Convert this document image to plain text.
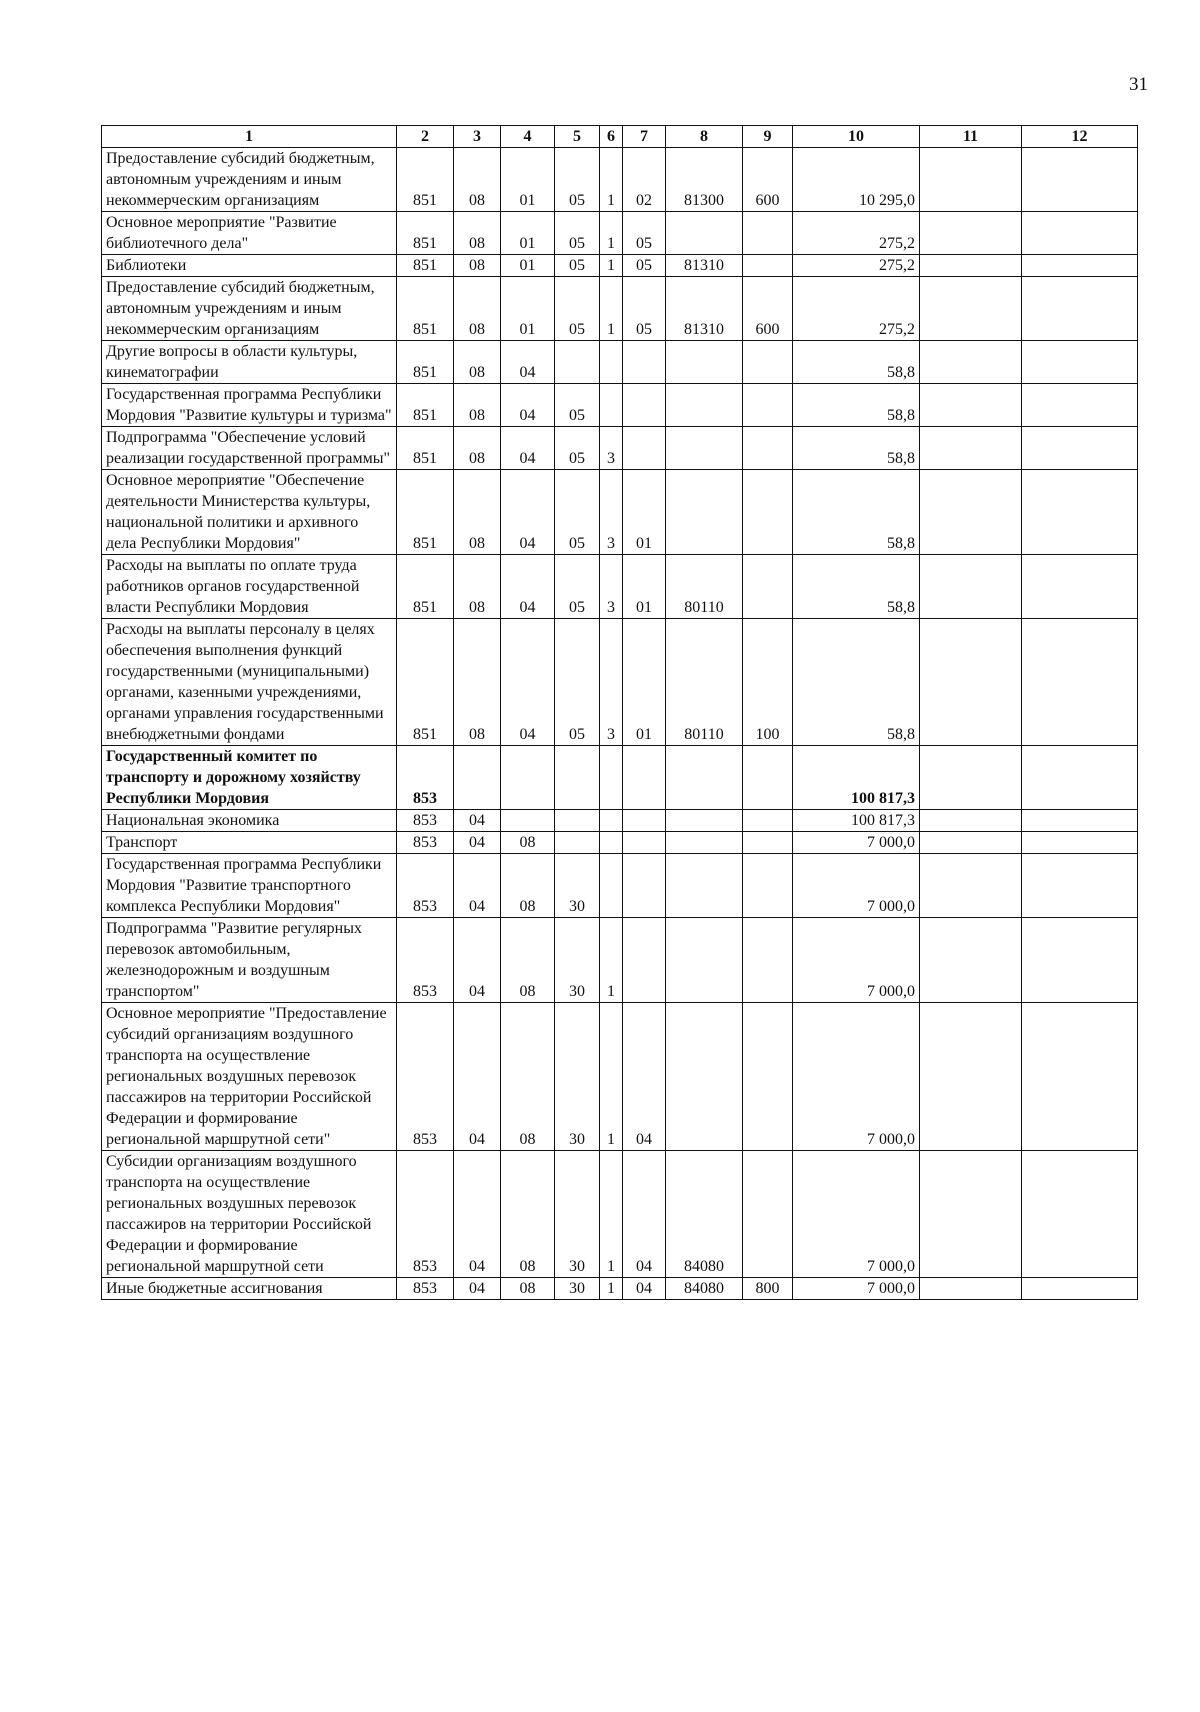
31
1	2	3	4	5	6	7	8	9	10	11	12
Предоставление субсидий бюджетным, автономным учреждениям и иным некоммерческим организациям	851	08	01	05	1	02	81300	600	10 295,0		
Основное мероприятие "Развитие библиотечного дела"	851	08	01	05	1	05			275,2		
Библиотеки	851	08	01	05	1	05	81310		275,2		
Предоставление субсидий бюджетным, автономным учреждениям и иным некоммерческим организациям	851	08	01	05	1	05	81310	600	275,2		
Другие вопросы в области культуры, кинематографии	851	08	04						58,8		
Государственная программа Республики Мордовия "Развитие культуры и туризма"	851	08	04	05					58,8		
Подпрограмма "Обеспечение условий реализации государственной программы"	851	08	04	05	3				58,8		
Основное мероприятие "Обеспечение деятельности Министерства культуры, национальной политики и архивного дела Республики Мордовия"	851	08	04	05	3	01			58,8		
Расходы на выплаты по оплате труда работников органов государственной власти Республики Мордовия	851	08	04	05	3	01	80110		58,8		
Расходы на выплаты персоналу в целях обеспечения выполнения функций государственными (муниципальными) органами, казенными учреждениями, органами управления государственными внебюджетными фондами	851	08	04	05	3	01	80110	100	58,8		
Государственный комитет по транспорту и дорожному хозяйству Республики Мордовия	853								100 817,3		
Национальная экономика	853	04							100 817,3		
Транспорт	853	04	08						7 000,0		
Государственная программа Республики Мордовия "Развитие транспортного комплекса Республики Мордовия"	853	04	08	30					7 000,0		
Подпрограмма "Развитие регулярных перевозок автомобильным, железнодорожным и воздушным транспортом"	853	04	08	30	1				7 000,0		
Основное мероприятие "Предоставление субсидий организациям воздушного транспорта на осуществление региональных воздушных перевозок пассажиров на территории Российской Федерации и формирование региональной маршрутной сети"	853	04	08	30	1	04			7 000,0		
Субсидии организациям воздушного транспорта на осуществление региональных воздушных перевозок пассажиров на территории Российской Федерации и формирование региональной маршрутной сети	853	04	08	30	1	04	84080		7 000,0		
Иные бюджетные ассигнования	853	04	08	30	1	04	84080	800	7 000,0		
